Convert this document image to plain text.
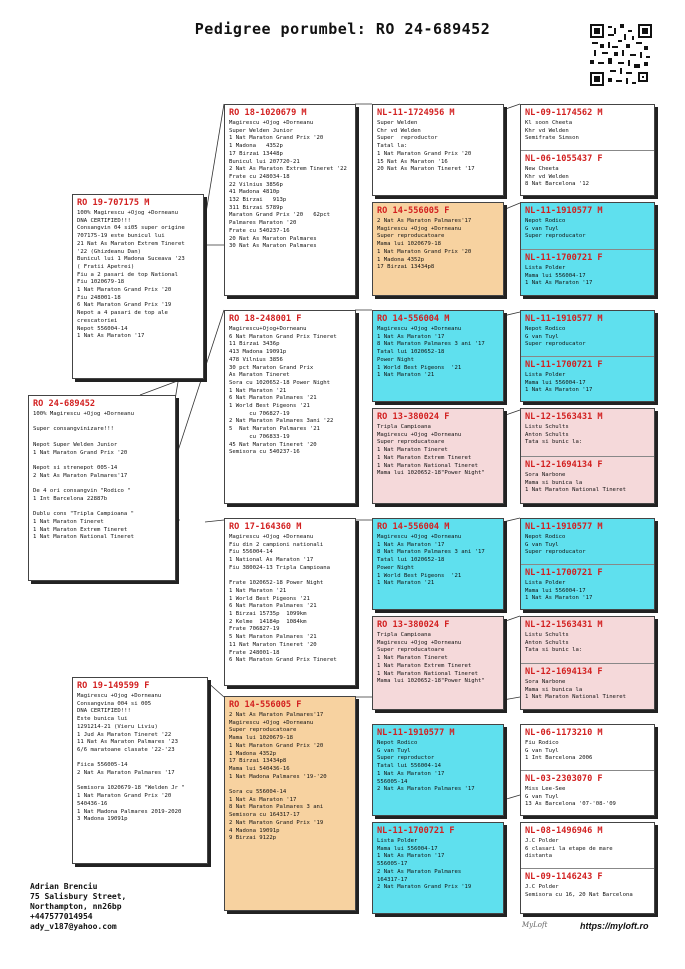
Pedigree porumbel: RO 24-689452
RO 24-689452
100% Magirescu +Ojog +Dorneanu

Super consangvinizare!!!

Nepot Super Welden Junior
1 Nat Maraton Grand Prix '20

Nepot si strenepot 005-14
2 Nat As Maraton Palmares'17

De 4 ori consangvin "Rodico "
1 Int Barcelona 22887b

Dublu cons "Tripla Campioana "
1 Nat Maraton Tineret
1 Nat Maraton Extrem Tineret
1 Nat Maraton National Tineret
RO 19-707175 M
100% Magirescu +Ojog +Dorneanu
DNA CERTIFIED!!!
Consangvin 04 si05 super origine
707175-19 este bunicul lui
21 Nat As Maraton Extrem Tineret
'22 (Ghizdeanu Dan)
Bunicul lui 1 Madona Suceava '23
( Fratii Apetrei)
Fiu a 2 pasari de top National
Fiu 1020679-18
1 Nat Maraton Grand Prix '20
Fiu 248001-18
6 Nat Maraton Grand Prix '19
Nepot a 4 pasari de top ale
crescatoriei
Nepot 556004-14
1 Nat As Maraton '17
RO 19-149599 F
Magirescu +Ojog +Dorneanu
Consangvina 004 si 005
DNA CERTIFIED!!!
Este bunica lui
1291214-21 (Vieru Liviu)
1 Jud As Maraton Tineret '22
11 Nat As Maraton Palmares '23
6/6 maratoane clasate '22-'23

Fiica 556005-14
2 Nat As Maraton Palmares '17

Semisora 1020679-18 "Welden Jr "
1 Nat Maraton Grand Prix '20
540436-16
1 Nat Madona Palmares 2019-2020
3 Madona 19091p
RO 18-1020679 M
Magirescu +Ojog +Dorneanu
Super Welden Junior
1 Nat Maraton Grand Prix '20
1 Madona   4352p
17 Birzai 13448p
Bunicul lui 207720-21
2 Nat As Maraton Extrem Tineret '22
Frate cu 248034-18
22 Vilnius 3856p
41 Madona 4810p
132 Birzai   913p
311 Birzai 5789p
Maraton Grand Prix '20   62pct
Palmares Maraton '20
Frate cu 540237-16
20 Nat As Maraton Palmares
30 Nat As Maraton Palmares
RO 18-248001 F
Magirescu+Ojog+Dorneanu
6 Nat Maraton Grand Prix Tineret
11 Birzai 3436p
413 Madona 19091p
478 Vilnius 3856
30 pct Maraton Grand Prix
As Maraton Tineret
Sora cu 1020652-18 Power Night
1 Nat Maraton '21
6 Nat Maraton Palmares '21
1 World Best Pigeons '21
cu 706827-19
2 Nat Maraton Palmares 3ani '22
5  Nat Maraton Palmares '21
cu 706833-19
45 Nat Maraton Tineret '20
Semisora cu 540237-16
RO 17-164360 M
Magirescu +Ojog +Dorneanu
Fiu din 2 campioni nationali
Fiu 556004-14
1 National As Maraton '17
Fiu 380024-13 Tripla Campioana

Frate 1020652-18 Power Night
1 Nat Maraton '21
1 World Best Pigeons '21
6 Nat Maraton Palmares '21
1 Birzai 15735p  1099km
2 Kelme  14184p  1084km
Frate 706827-19
5 Nat Maraton Palmares '21
11 Nat Maraton Tineret '20
Frate 248001-18
6 Nat Maraton Grand Prix Tineret
RO 14-556005 F
2 Nat As Maraton Palmares'17
Magirescu +Ojog +Dorneanu
Super reproducatoare
Mama lui 1020679-18
1 Nat Maraton Grand Prix '20
1 Madona 4352p
17 Birzai 13434p8
Mama lui 540436-16
1 Nat Madona Palmares '19-'20

Sora cu 556004-14
1 Nat As Maraton '17
8 Nat Maraton Palmares 3 ani
Semisora cu 164317-17
2 Nat Maraton Grand Prix '19
4 Madona 19091p
9 Birzai 9122p
NL-11-1724956 M
Super Welden
Chr vd Welden
Super  reproductor
Tatal la:
1 Nat Maraton Grand Prix '20
15 Nat As Maraton '16
20 Nat As Maraton Tineret '17
RO 14-556005 F
2 Nat As Maraton Palmares'17
Magirescu +Ojog +Dorneanu
Super reproducatoare
Mama lui 1020679-18
1 Nat Maraton Grand Prix '20
1 Madona 4352p
17 Birzai 13434p8
RO 14-556004 M
Magirescu +Ojog +Dorneanu
1 Nat As Maraton '17
8 Nat Maraton Palmares 3 ani '17
Tatal lui 1020652-18
Power Night
1 World Best Pigeons  '21
1 Nat Maraton '21
RO 13-380024 F
Tripla Campioana
Magirescu +Ojog +Dorneanu
Super reproducatoare
1 Nat Maraton Tineret
1 Nat Maraton Extrem Tineret
1 Nat Maraton National Tineret
Mama lui 1020652-18"Power Night"
RO 14-556004 M
Magirescu +Ojog +Dorneanu
1 Nat As Maraton '17
8 Nat Maraton Palmares 3 ani '17
Tatal lui 1020652-18
Power Night
1 World Best Pigeons  '21
1 Nat Maraton '21
RO 13-380024 F
Tripla Campioana
Magirescu +Ojog +Dorneanu
Super reproducatoare
1 Nat Maraton Tineret
1 Nat Maraton Extrem Tineret
1 Nat Maraton National Tineret
Mama lui 1020652-18"Power Night"
NL-11-1910577 M
Nepot Rodico
G van Tuyl
Super reproductor
Tatal lui 556004-14
1 Nat As Maraton '17
556005-14
2 Nat As Maraton Palmares '17
NL-11-1700721 F
Lista Polder
Mama lui 556004-17
1 Nat As Maraton '17
556005-17
2 Nat As Maraton Palmares
164317-17
2 Nat Maraton Grand Prix '19
NL-09-1174562 M
Kl soon Cheeta
Khr vd Welden
Semifrate Simson
NL-06-1055437 F
New Cheeta
Khr vd Welden
8 Nat Barcelona '12
NL-11-1910577 M
Nepot Rodico
G van Tuyl
Super reproducator
NL-11-1700721 F
Lista Polder
Mama lui 556004-17
1 Nat As Maraton '17
NL-11-1910577 M
Nepot Rodico
G van Tuyl
Super reproducator
NL-11-1700721 F
Lista Polder
Mama lui 556004-17
1 Nat As Maraton '17
NL-12-1563431 M
Listu Schults
Anton Schults
Tata si bunic la:
NL-12-1694134 F
Sora Narbone
Mama si bunica la
1 Nat Maraton National Tineret
NL-11-1910577 M
Nepot Rodico
G van Tuyl
Super reproducator
NL-11-1700721 F
Lista Polder
Mama lui 556004-17
1 Nat As Maraton '17
NL-12-1563431 M
Listu Schults
Anton Schults
Tata si bunic la:
NL-12-1694134 F
Sora Narbone
Mama si bunica la
1 Nat Maraton National Tineret
NL-06-1173210 M
Fiu Rodico
G van Tuyl
1 Int Barcelona 2006
NL-03-2303070 F
Miss Lee-See
G van Tuyl
13 As Barcelona '07-'08-'09
NL-08-1496946 M
J.C Polder
6 clasari la etape de mare
distanta
NL-09-1146243 F
J.C Polder
Semisora cu 16, 20 Nat Barcelona
Adrian Brenciu
75 Salisbury Street,
Northampton, nn26bp
+447577014954
ady_v187@yahoo.com	MyLoft	https://myloft.ro
